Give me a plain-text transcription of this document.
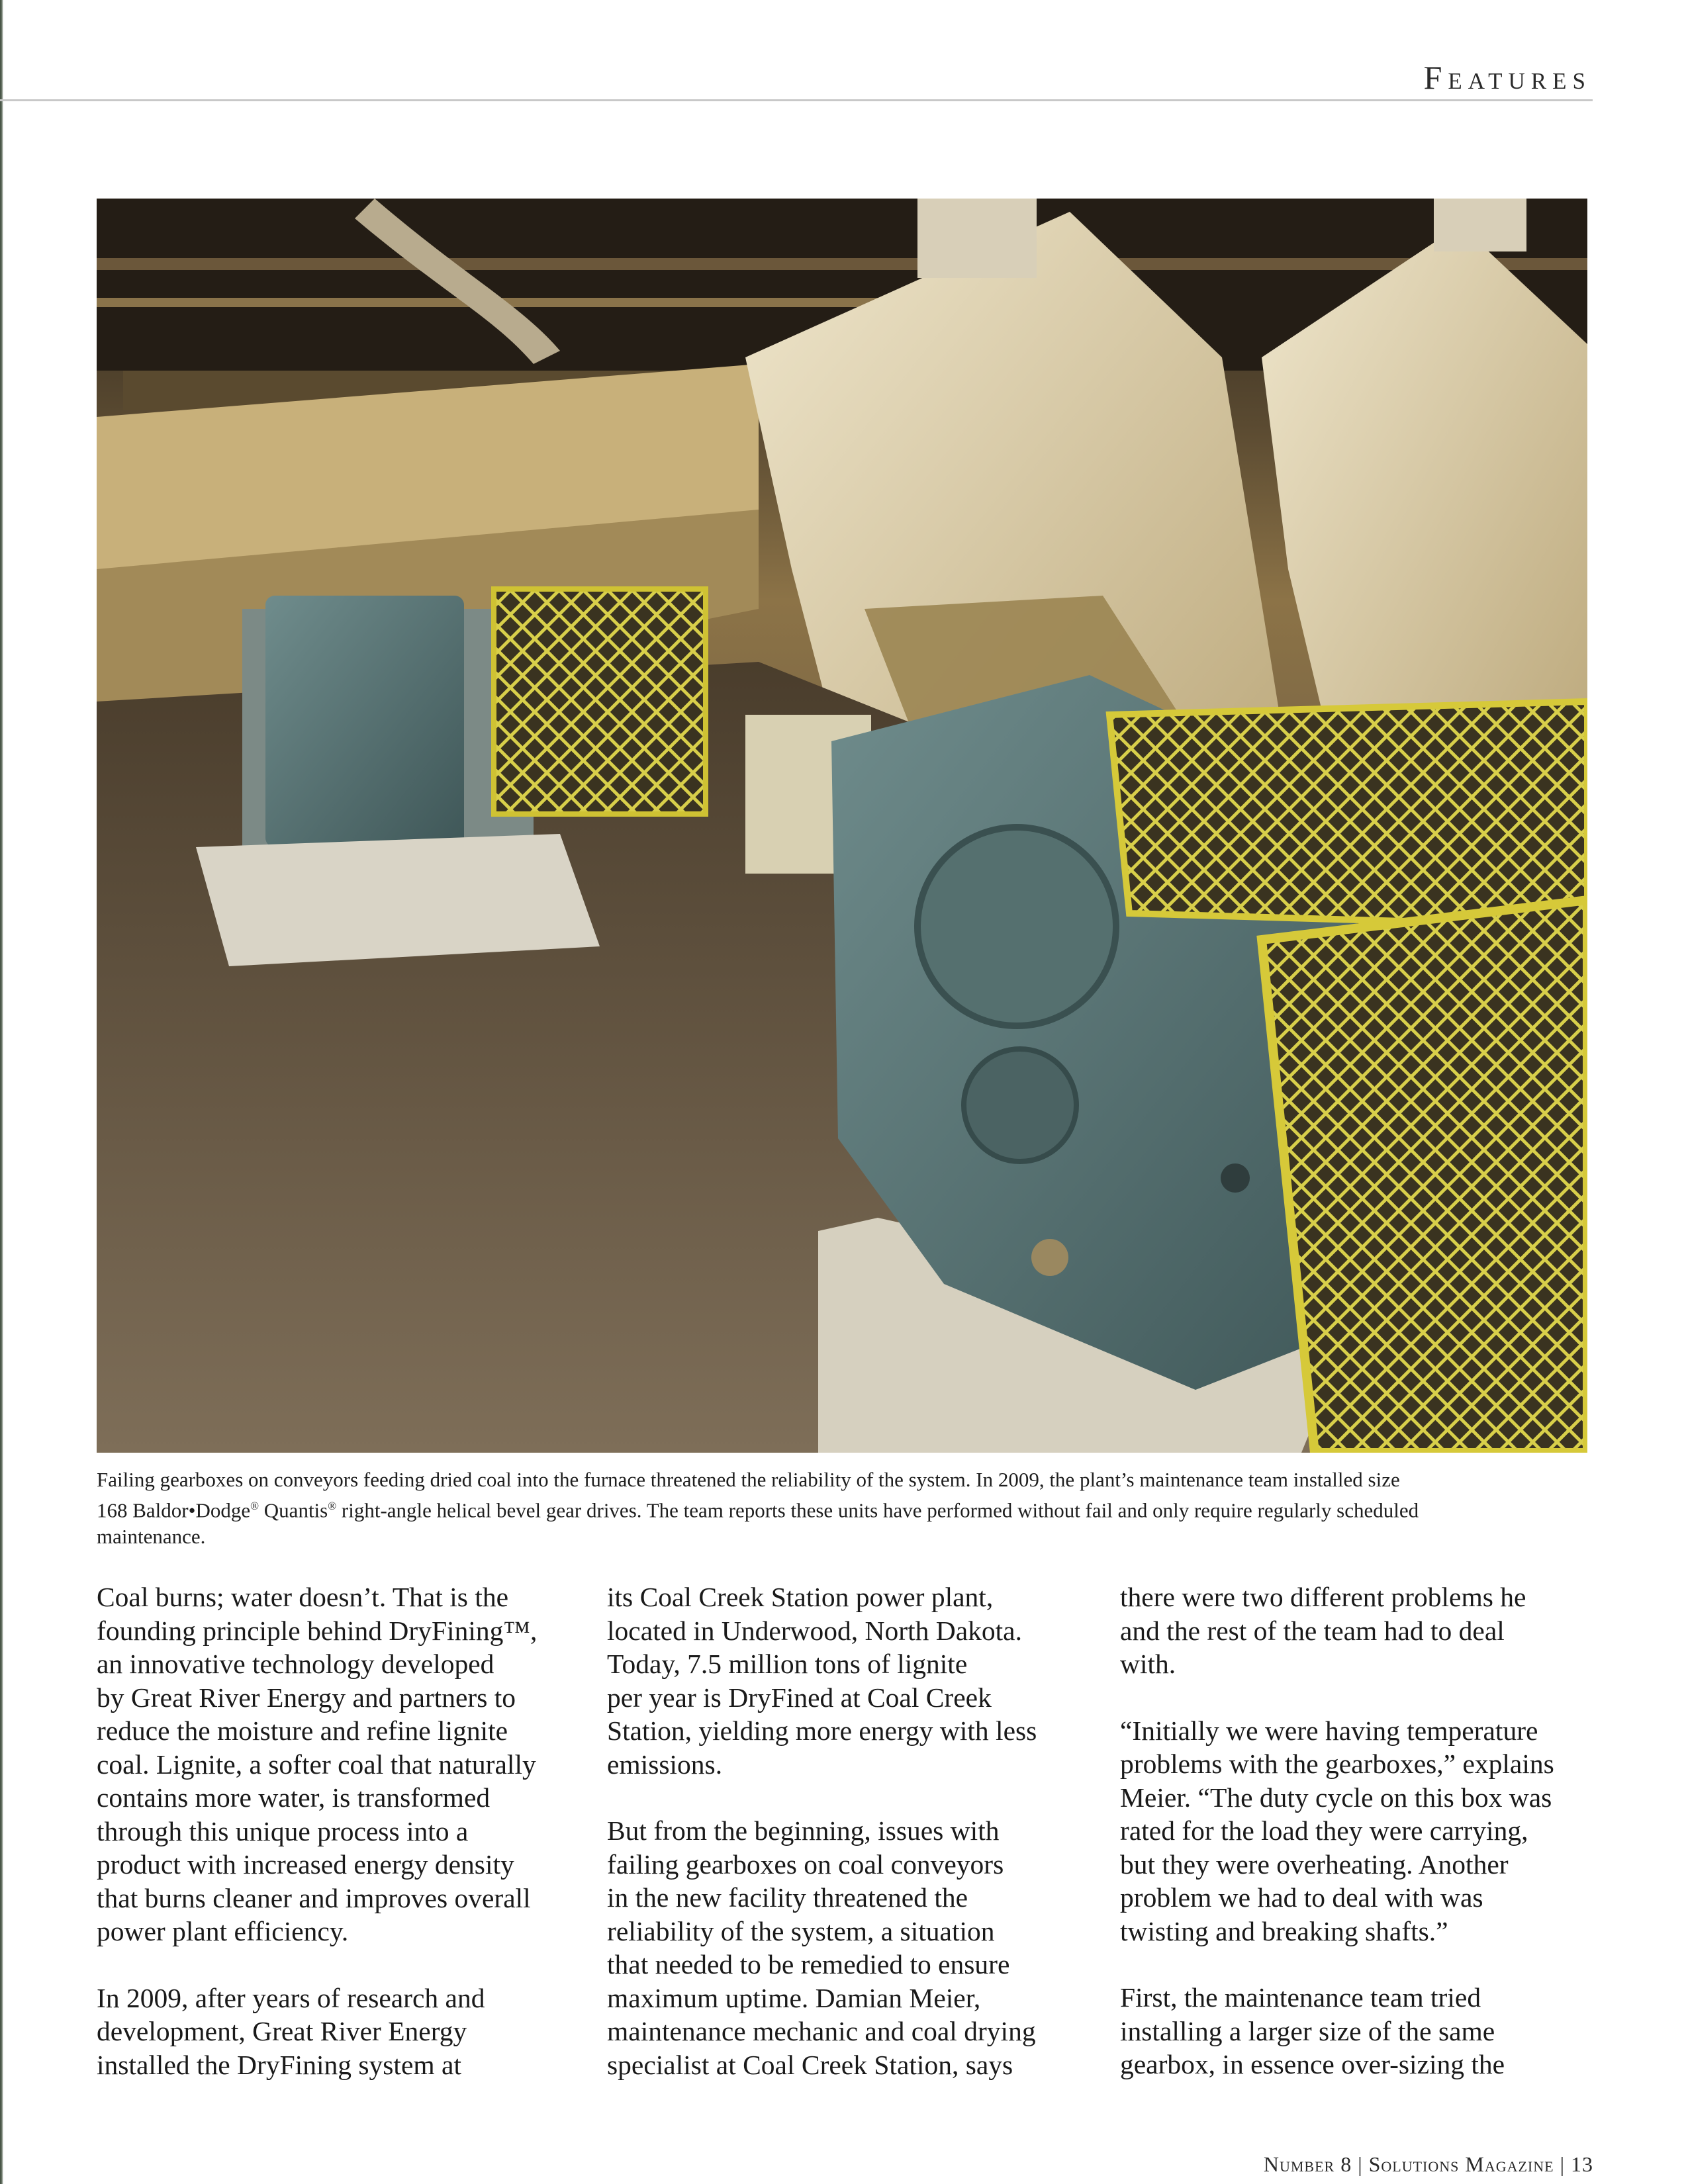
Features
Failing gearboxes on conveyors feeding dried coal into the furnace threatened the reliability of the system. In 2009, the plant’s maintenance team installed size
168 Baldor•Dodge® Quantis® right-angle helical bevel gear drives. The team reports these units have performed without fail and only require regularly scheduled
maintenance.

Coal burns; water doesn’t. That is the
founding principle behind DryFining™,
an innovative technology developed
by Great River Energy and partners to
reduce the moisture and refine lignite
coal. Lignite, a softer coal that naturally
contains more water, is transformed
through this unique process into a
product with increased energy density
that burns cleaner and improves overall
power plant efficiency.

In 2009, after years of research and
development, Great River Energy
installed the DryFining system at

its Coal Creek Station power plant,
located in Underwood, North Dakota.
Today, 7.5 million tons of lignite
per year is DryFined at Coal Creek
Station, yielding more energy with less
emissions.

But from the beginning, issues with
failing gearboxes on coal conveyors
in the new facility threatened the
reliability of the system, a situation
that needed to be remedied to ensure
maximum uptime. Damian Meier,
maintenance mechanic and coal drying
specialist at Coal Creek Station, says

there were two different problems he
and the rest of the team had to deal
with.

“Initially we were having temperature
problems with the gearboxes,” explains
Meier. “The duty cycle on this box was
rated for the load they were carrying,
but they were overheating. Another
problem we had to deal with was
twisting and breaking shafts.”

First, the maintenance team tried
installing a larger size of the same
gearbox, in essence over-sizing the

Number 8 | Solutions Magazine | 13
